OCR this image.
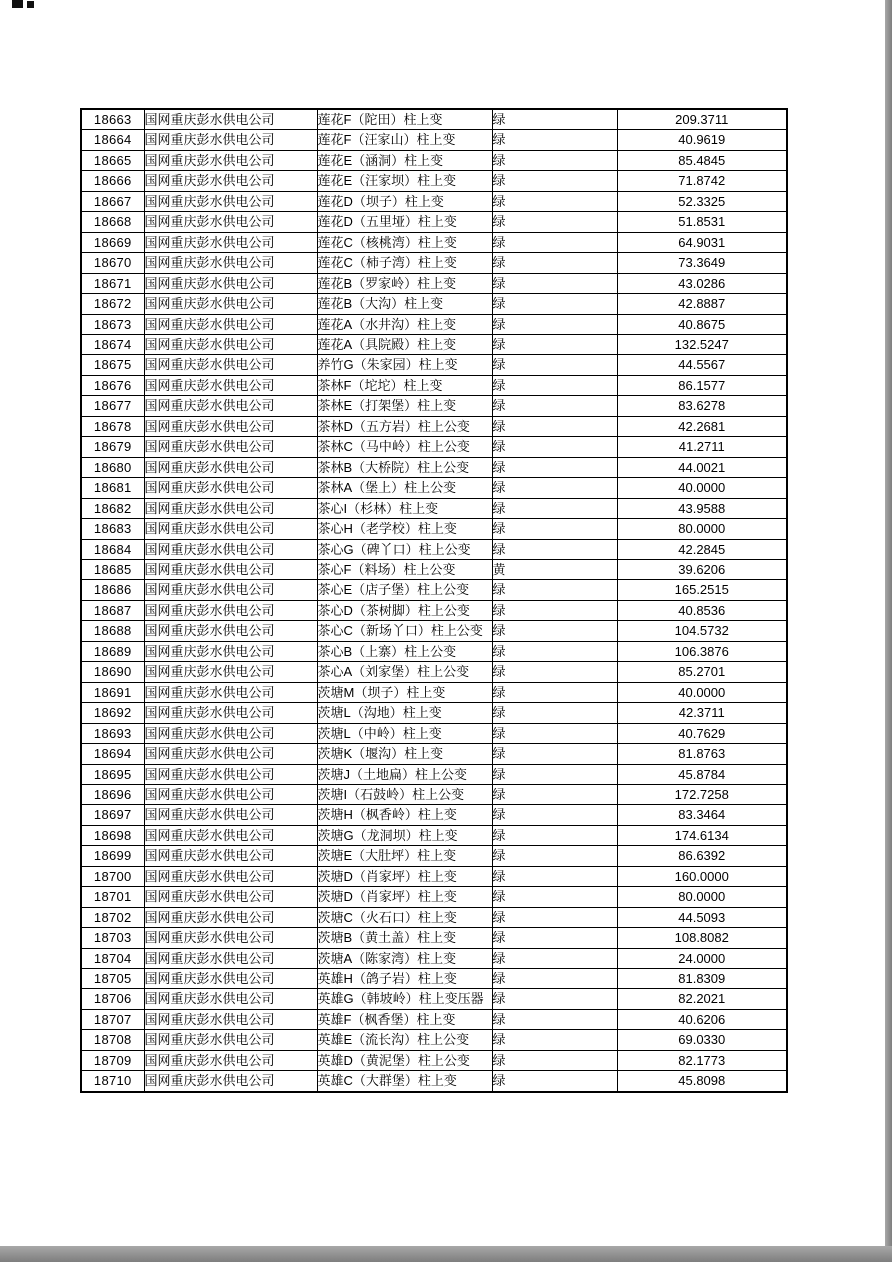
18663	国网重庆彭水供电公司	莲花F（陀田）柱上变	绿	209.3711
18664	国网重庆彭水供电公司	莲花F（汪家山）柱上变	绿	40.9619
18665	国网重庆彭水供电公司	莲花E（涵洞）柱上变	绿	85.4845
18666	国网重庆彭水供电公司	莲花E（汪家坝）柱上变	绿	71.8742
18667	国网重庆彭水供电公司	莲花D（坝子）柱上变	绿	52.3325
18668	国网重庆彭水供电公司	莲花D（五里垭）柱上变	绿	51.8531
18669	国网重庆彭水供电公司	莲花C（核桃湾）柱上变	绿	64.9031
18670	国网重庆彭水供电公司	莲花C（柿子湾）柱上变	绿	73.3649
18671	国网重庆彭水供电公司	莲花B（罗家岭）柱上变	绿	43.0286
18672	国网重庆彭水供电公司	莲花B（大沟）柱上变	绿	42.8887
18673	国网重庆彭水供电公司	莲花A（水井沟）柱上变	绿	40.8675
18674	国网重庆彭水供电公司	莲花A（具院殿）柱上变	绿	132.5247
18675	国网重庆彭水供电公司	养竹G（朱家园）柱上变	绿	44.5567
18676	国网重庆彭水供电公司	茶林F（坨坨）柱上变	绿	86.1577
18677	国网重庆彭水供电公司	茶林E（打架堡）柱上变	绿	83.6278
18678	国网重庆彭水供电公司	茶林D（五方岩）柱上公变	绿	42.2681
18679	国网重庆彭水供电公司	茶林C（马中岭）柱上公变	绿	41.2711
18680	国网重庆彭水供电公司	茶林B（大桥院）柱上公变	绿	44.0021
18681	国网重庆彭水供电公司	茶林A（堡上）柱上公变	绿	40.0000
18682	国网重庆彭水供电公司	茶心I（杉林）柱上变	绿	43.9588
18683	国网重庆彭水供电公司	茶心H（老学校）柱上变	绿	80.0000
18684	国网重庆彭水供电公司	茶心G（碑丫口）柱上公变	绿	42.2845
18685	国网重庆彭水供电公司	茶心F（料场）柱上公变	黄	39.6206
18686	国网重庆彭水供电公司	茶心E（店子堡）柱上公变	绿	165.2515
18687	国网重庆彭水供电公司	茶心D（茶树脚）柱上公变	绿	40.8536
18688	国网重庆彭水供电公司	茶心C（新场丫口）柱上公变	绿	104.5732
18689	国网重庆彭水供电公司	茶心B（上寨）柱上公变	绿	106.3876
18690	国网重庆彭水供电公司	茶心A（刘家堡）柱上公变	绿	85.2701
18691	国网重庆彭水供电公司	茨塘M（坝子）柱上变	绿	40.0000
18692	国网重庆彭水供电公司	茨塘L（沟地）柱上变	绿	42.3711
18693	国网重庆彭水供电公司	茨塘L（中岭）柱上变	绿	40.7629
18694	国网重庆彭水供电公司	茨塘K（堰沟）柱上变	绿	81.8763
18695	国网重庆彭水供电公司	茨塘J（土地扁）柱上公变	绿	45.8784
18696	国网重庆彭水供电公司	茨塘I（石鼓岭）柱上公变	绿	172.7258
18697	国网重庆彭水供电公司	茨塘H（枫香岭）柱上变	绿	83.3464
18698	国网重庆彭水供电公司	茨塘G（龙洞坝）柱上变	绿	174.6134
18699	国网重庆彭水供电公司	茨塘E（大肚坪）柱上变	绿	86.6392
18700	国网重庆彭水供电公司	茨塘D（肖家坪）柱上变	绿	160.0000
18701	国网重庆彭水供电公司	茨塘D（肖家坪）柱上变	绿	80.0000
18702	国网重庆彭水供电公司	茨塘C（火石口）柱上变	绿	44.5093
18703	国网重庆彭水供电公司	茨塘B（黄土盖）柱上变	绿	108.8082
18704	国网重庆彭水供电公司	茨塘A（陈家湾）柱上变	绿	24.0000
18705	国网重庆彭水供电公司	英雄H（鸽子岩）柱上变	绿	81.8309
18706	国网重庆彭水供电公司	英雄G（韩坡岭）柱上变压器	绿	82.2021
18707	国网重庆彭水供电公司	英雄F（枫香堡）柱上变	绿	40.6206
18708	国网重庆彭水供电公司	英雄E（流长沟）柱上公变	绿	69.0330
18709	国网重庆彭水供电公司	英雄D（黄泥堡）柱上公变	绿	82.1773
18710	国网重庆彭水供电公司	英雄C（大群堡）柱上变	绿	45.8098
